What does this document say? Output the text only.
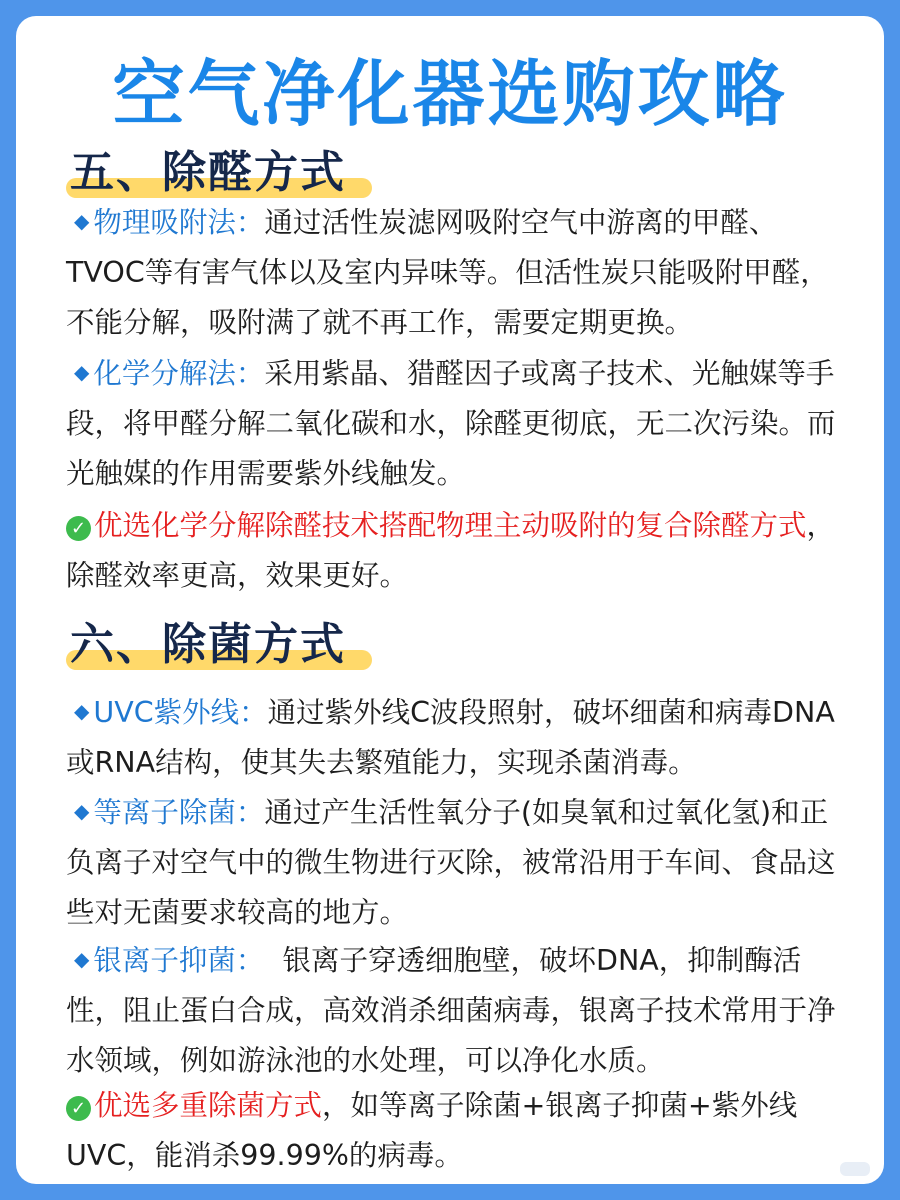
空气净化器选购攻略
五、除醛方式

◆ 物理吸附法：通过活性炭滤网吸附空气中游离的甲醛、TVOC等有害气体以及室内异味等。但活性炭只能吸附甲醛，不能分解，吸附满了就不再工作，需要定期更换。

◆ 化学分解法：采用紫晶、猎醛因子或离子技术、光触媒等手段，将甲醛分解二氧化碳和水，除醛更彻底，无二次污染。而光触媒的作用需要紫外线触发。

✓ 优选化学分解除醛技术搭配物理主动吸附的复合除醛方式，除醛效率更高，效果更好。

六、除菌方式

◆ UVC紫外线：通过紫外线C波段照射，破坏细菌和病毒DNA或RNA结构，使其失去繁殖能力，实现杀菌消毒。

◆ 等离子除菌：通过产生活性氧分子(如臭氧和过氧化氢)和正负离子对空气中的微生物进行灭除，被常沿用于车间、食品这些对无菌要求较高的地方。

◆ 银离子抑菌：  银离子穿透细胞壁，破坏DNA，抑制酶活性，阻止蛋白合成，高效消杀细菌病毒，银离子技术常用于净水领域，例如游泳池的水处理，可以净化水质。

✓ 优选多重除菌方式，如等离子除菌+银离子抑菌+紫外线UVC，能消杀99.99%的病毒。
